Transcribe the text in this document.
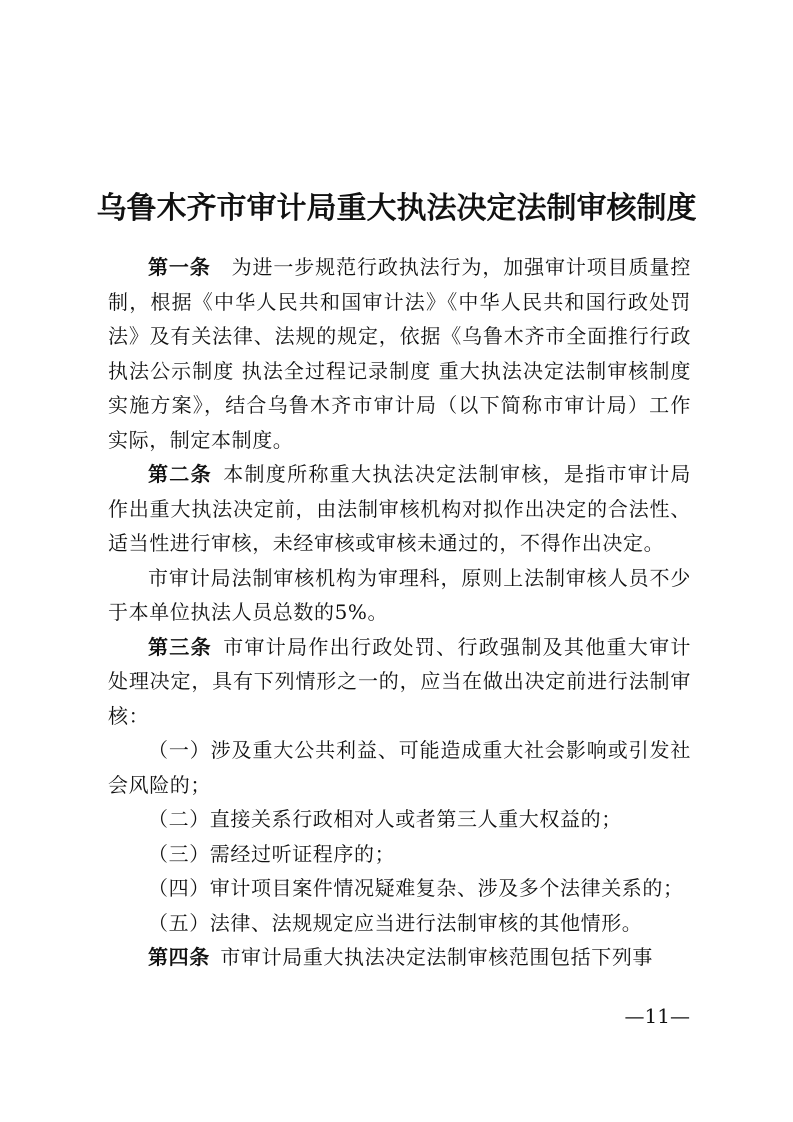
乌鲁木齐市审计局重大执法决定法制审核制度

第一条　 为进一步规范行政执法行为，加强审计项目质量控制，根据《中华人民共和国审计法》《中华人民共和国行政处罚法》及有关法律、法规的规定，依据《乌鲁木齐市全面推行行政执法公示制度 执法全过程记录制度 重大执法决定法制审核制度实施方案》，结合乌鲁木齐市审计局（以下简称市审计局）工作实际，制定本制度。

第二条  本制度所称重大执法决定法制审核，是指市审计局作出重大执法决定前，由法制审核机构对拟作出决定的合法性、适当性进行审核，未经审核或审核未通过的，不得作出决定。

市审计局法制审核机构为审理科，原则上法制审核人员不少于本单位执法人员总数的5%。

第三条  市审计局作出行政处罚、行政强制及其他重大审计处理决定，具有下列情形之一的，应当在做出决定前进行法制审核：

（一）涉及重大公共利益、可能造成重大社会影响或引发社会风险的；

（二）直接关系行政相对人或者第三人重大权益的；

（三）需经过听证程序的；

（四）审计项目案件情况疑难复杂、涉及多个法律关系的；

（五）法律、法规规定应当进行法制审核的其他情形。

第四条  市审计局重大执法决定法制审核范围包括下列事

—11—
